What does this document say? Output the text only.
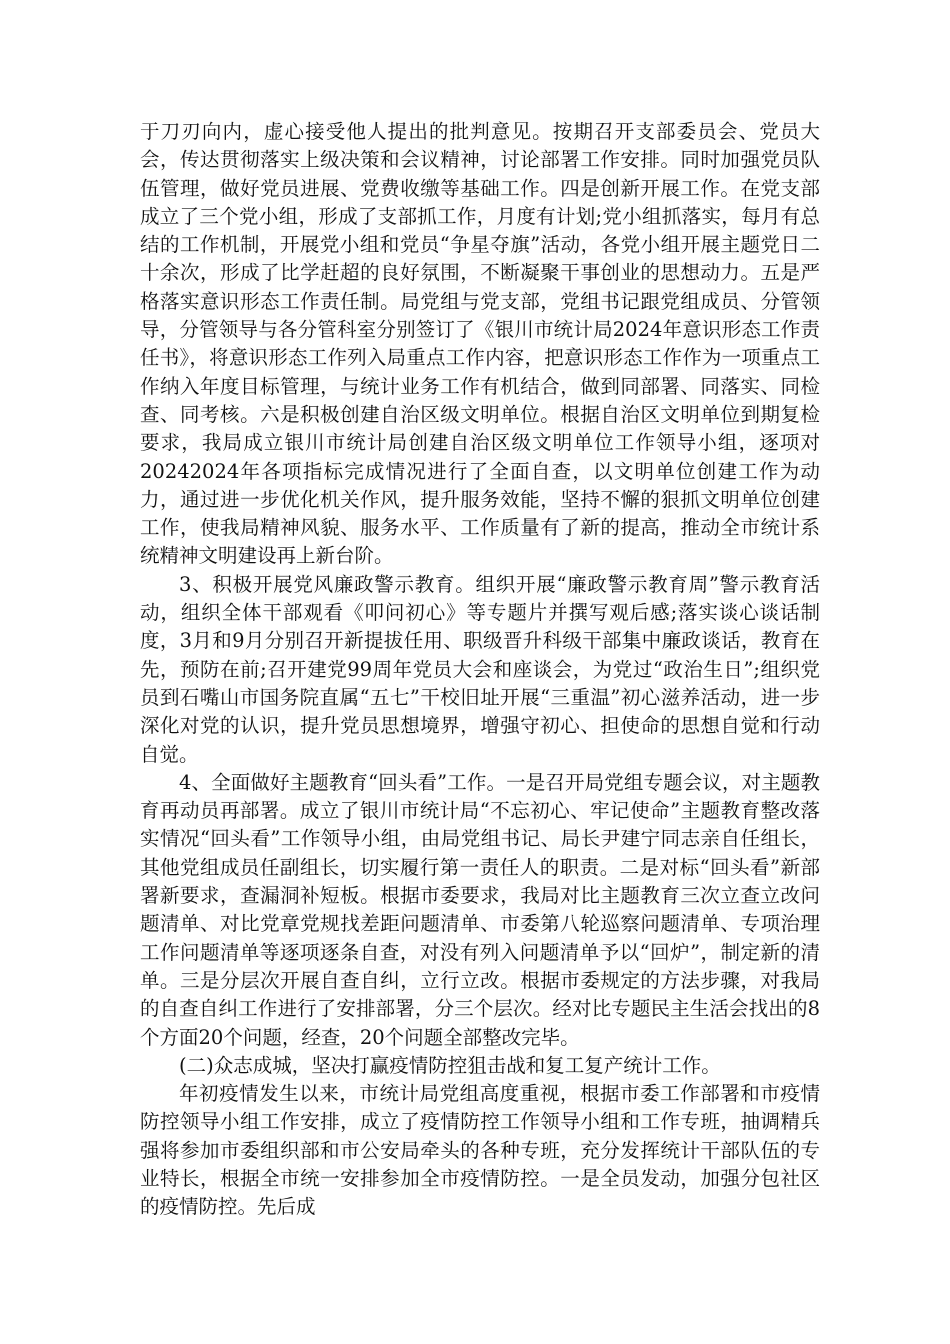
于刀刃向内，虚心接受他人提出的批判意见。按期召开支部委员会、党员大会，传达贯彻落实上级决策和会议精神，讨论部署工作安排。同时加强党员队伍管理，做好党员进展、党费收缴等基础工作。四是创新开展工作。在党支部成立了三个党小组，形成了支部抓工作，月度有计划;党小组抓落实，每月有总结的工作机制，开展党小组和党员“争星夺旗”活动，各党小组开展主题党日二十余次，形成了比学赶超的良好氛围，不断凝聚干事创业的思想动力。五是严格落实意识形态工作责任制。局党组与党支部，党组书记跟党组成员、分管领导，分管领导与各分管科室分别签订了《银川市统计局2024年意识形态工作责任书》，将意识形态工作列入局重点工作内容，把意识形态工作作为一项重点工作纳入年度目标管理，与统计业务工作有机结合，做到同部署、同落实、同检查、同考核。六是积极创建自治区级文明单位。根据自治区文明单位到期复检要求，我局成立银川市统计局创建自治区级文明单位工作领导小组，逐项对20242024年各项指标完成情况进行了全面自查，以文明单位创建工作为动力，通过进一步优化机关作风，提升服务效能，坚持不懈的狠抓文明单位创建工作，使我局精神风貌、服务水平、工作质量有了新的提高，推动全市统计系统精神文明建设再上新台阶。

3、积极开展党风廉政警示教育。组织开展“廉政警示教育周”警示教育活动，组织全体干部观看《叩问初心》等专题片并撰写观后感;落实谈心谈话制度，3月和9月分别召开新提拔任用、职级晋升科级干部集中廉政谈话，教育在先，预防在前;召开建党99周年党员大会和座谈会，为党过“政治生日”;组织党员到石嘴山市国务院直属“五七”干校旧址开展“三重温”初心滋养活动，进一步深化对党的认识，提升党员思想境界，增强守初心、担使命的思想自觉和行动自觉。

4、全面做好主题教育“回头看”工作。一是召开局党组专题会议，对主题教育再动员再部署。成立了银川市统计局“不忘初心、牢记使命”主题教育整改落实情况“回头看”工作领导小组，由局党组书记、局长尹建宁同志亲自任组长，其他党组成员任副组长，切实履行第一责任人的职责。二是对标“回头看”新部署新要求，查漏洞补短板。根据市委要求，我局对比主题教育三次立查立改问题清单、对比党章党规找差距问题清单、市委第八轮巡察问题清单、专项治理工作问题清单等逐项逐条自查，对没有列入问题清单予以“回炉”，制定新的清单。三是分层次开展自查自纠，立行立改。根据市委规定的方法步骤，对我局的自查自纠工作进行了安排部署，分三个层次。经对比专题民主生活会找出的8个方面20个问题，经查，20个问题全部整改完毕。

(二)众志成城，坚决打赢疫情防控狙击战和复工复产统计工作。

年初疫情发生以来，市统计局党组高度重视，根据市委工作部署和市疫情防控领导小组工作安排，成立了疫情防控工作领导小组和工作专班，抽调精兵强将参加市委组织部和市公安局牵头的各种专班，充分发挥统计干部队伍的专业特长，根据全市统一安排参加全市疫情防控。一是全员发动，加强分包社区的疫情防控。先后成
